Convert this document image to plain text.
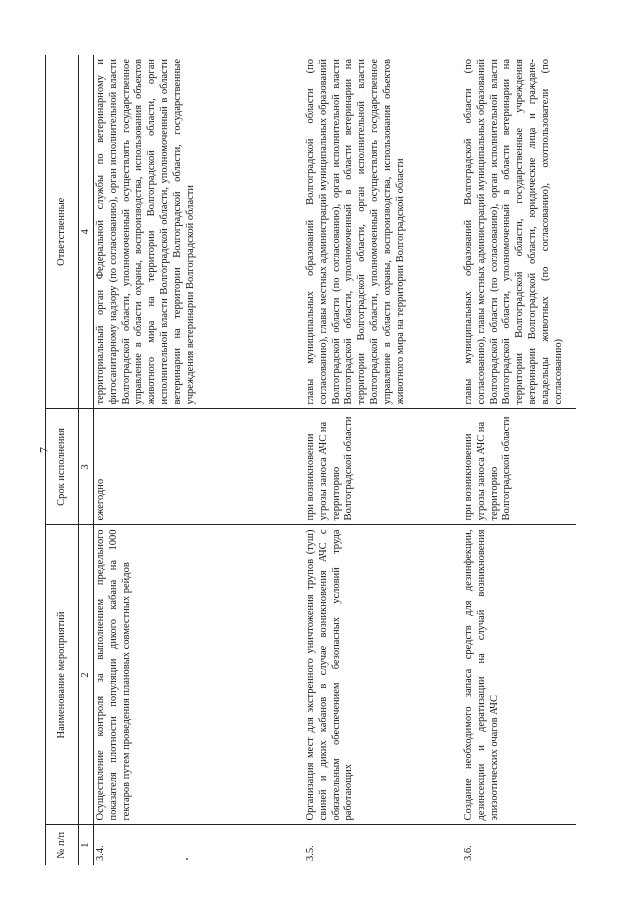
7
№ п/п	Наименование мероприятий	Срок исполнения	Ответственные
1	2	3	4
3.4.	Осуществление контроля за выполнением предельного показателя плотности популяции дикого кабана на 1000 гектаров путем проведения плановых совместных рейдов	ежегодно	территориальный орган Федеральной службы по ветеринарному и фитосанитарному надзору (по согласованию), орган исполнительной власти Волгоградской области, уполномоченный осуществлять государственное управление в области охраны, воспроизводства, использования объектов животного мира на территории Волгоградской области, орган исполнительной власти Волгоградской области, уполномоченный в области ветеринарии на территории Волгоградской области, государственные учреждения ветеринарии Волгоградской области
3.5.	Организация мест для экстренного уничтожения трупов (туш) свиней и диких кабанов в случае возникновения АЧС с обязательным обеспечением безопасных условий труда работающих	при возникновении угрозы заноса АЧС на территорию Волгоградской области	главы муниципальных образований Волгоградской области (по согласованию), главы местных администраций муниципальных образований Волгоградской области (по согласованию), орган исполнительной власти Волгоградской области, уполномоченный в области ветеринарии на территории Волгоградской области, орган исполнительной власти Волгоградской области, уполномоченный осуществлять государственное управление в области охраны, воспроизводства, использования объектов животного мира на территории Волгоградской области
3.6.	Создание необходимого запаса средств для дезинфекции, дезинсекции и дератизации на случай возникновения эпизоотических очагов АЧС	при возникновении угрозы заноса АЧС на территорию Волгоградской области	главы муниципальных образований Волгоградской области (по согласованию), главы местных администраций муниципальных образований Волгоградской области (по согласованию), орган исполнительной власти Волгоградской области, уполномоченный в области ветеринарии на территории Волгоградской области, государственные учреждения ветеринарии Волгоградской области, юридические лица и граждане-владельцы животных (по согласованию), охотпользователи (по согласованию)
